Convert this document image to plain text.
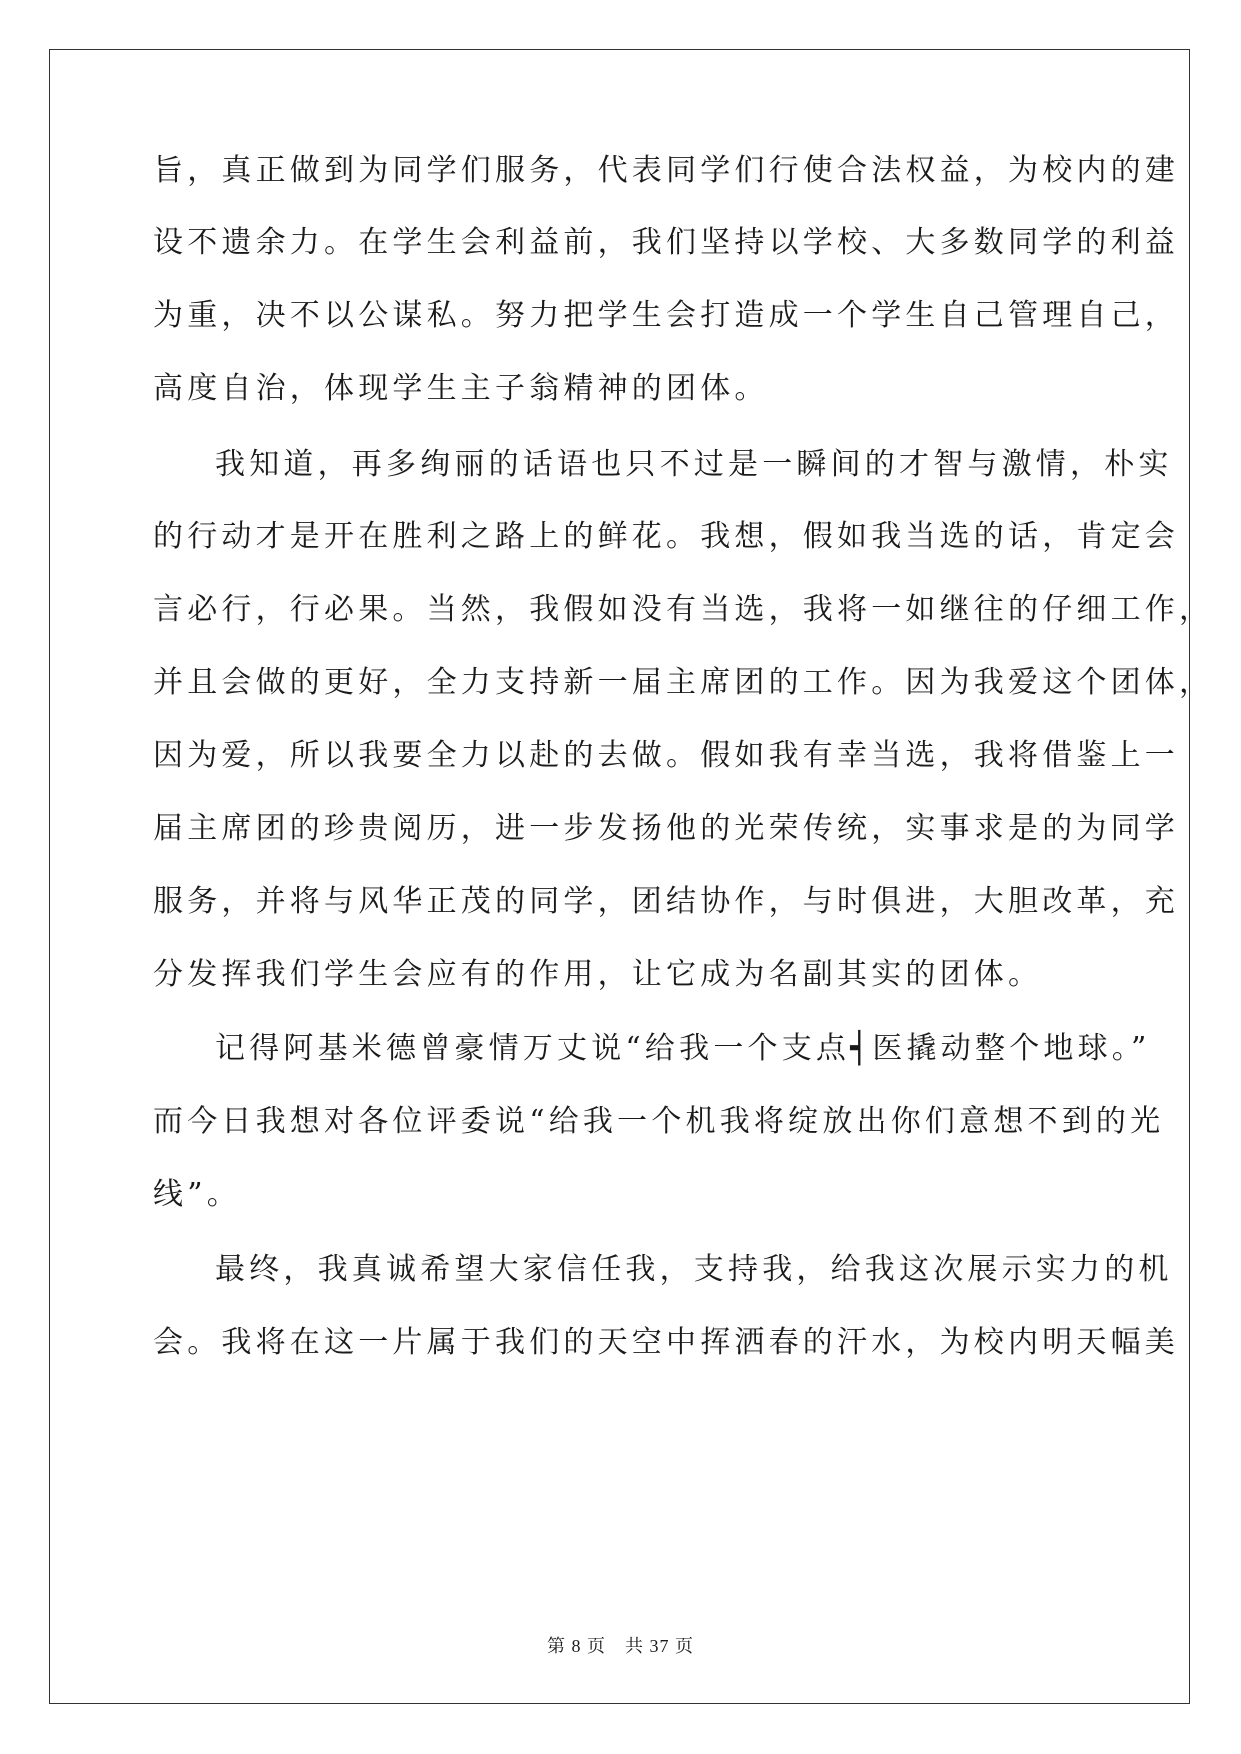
旨，真正做到为同学们服务，代表同学们行使合法权益，为校内的建

设不遗余力。在学生会利益前，我们坚持以学校、大多数同学的利益

为重，决不以公谋私。努力把学生会打造成一个学生自己管理自己，

高度自治，体现学生主子翁精神的团体。

我知道，再多绚丽的话语也只不过是一瞬间的才智与激情，朴实

的行动才是开在胜利之路上的鲜花。我想，假如我当选的话，肯定会

言必行，行必果。当然，我假如没有当选，我将一如继往的仔细工作，

并且会做的更好，全力支持新一届主席团的工作。因为我爱这个团体，

因为爱，所以我要全力以赴的去做。假如我有幸当选，我将借鉴上一

届主席团的珍贵阅历，进一步发扬他的光荣传统，实事求是的为同学

服务，并将与风华正茂的同学，团结协作，与时俱进，大胆改革，充

分发挥我们学生会应有的作用，让它成为名副其实的团体。

记得阿基米德曾豪情万丈说“给我一个支点┥医撬动整个地球。”

而今日我想对各位评委说“给我一个机我将绽放出你们意想不到的光

线”。

最终，我真诚希望大家信任我，支持我，给我这次展示实力的机

会。我将在这一片属于我们的天空中挥洒春的汗水，为校内明天幅美

第 8 页　共 37 页
